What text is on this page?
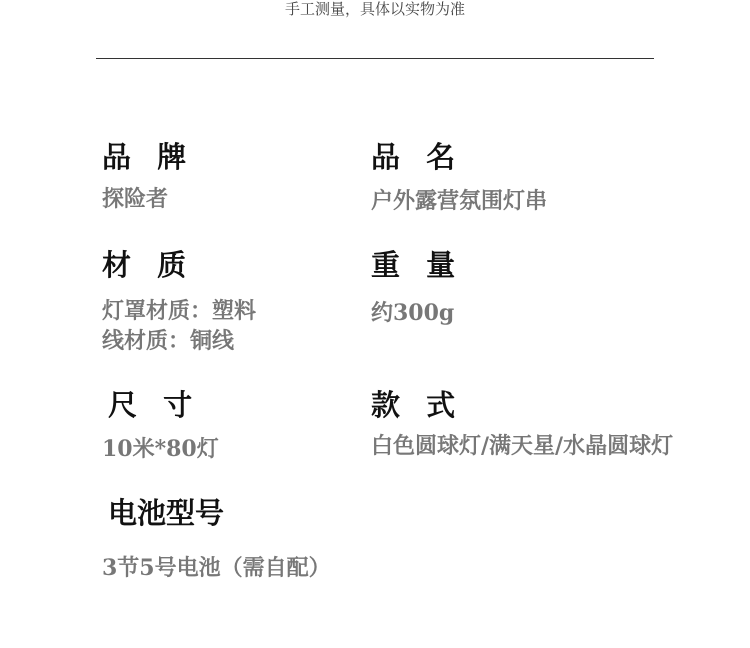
手工测量，具体以实物为准
品牌
探险者
品名
户外露营氛围灯串
材质
灯罩材质：塑料
线材质：铜线
重量
约300g
尺寸
10米*80灯
款式
白色圆球灯/满天星/水晶圆球灯
电池型号
3节5号电池（需自配）
